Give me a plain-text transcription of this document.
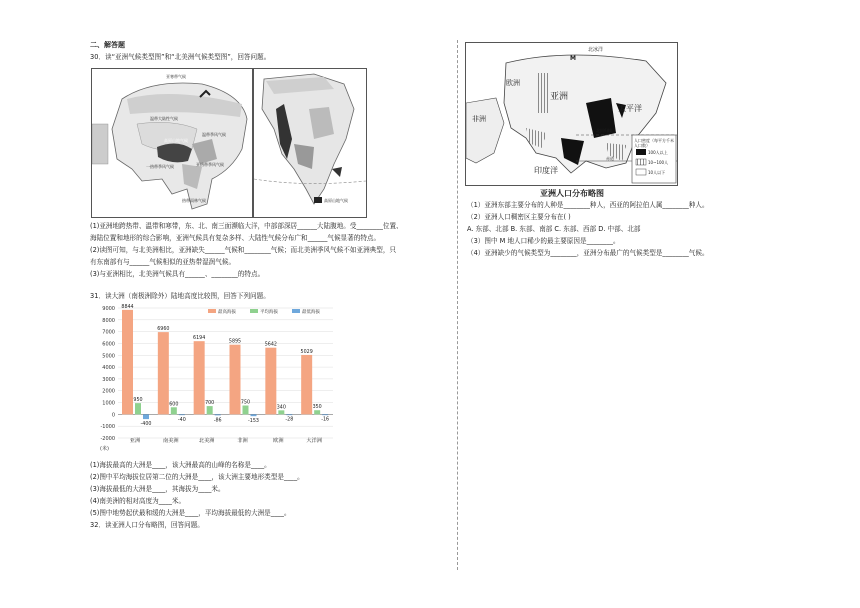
二、解答题
30．读“亚洲气候类型图”和“北美洲气候类型图”，回答问题。
亚寒带气候
温带大陆性气候
高原山地气候
温带季风气候
亚热带季风气候
热带雨林气候
一热带季风气候
高原山地气候
(1)亚洲地跨热带、温带和寒带，东、北、南三面濒临大洋，中部部深居______大陆腹地。受________位置、
海陆位置和地形的综合影响，亚洲气候具有复杂多样、大陆性气候分布广和______气候显著的特点。
(2)读图可知，与北美洲相比，亚洲缺失______气候和________气候；而北美洲季风气候不如亚洲典型，只
有东南部有与______气候相似的亚热带湿润气候。
(3)与亚洲相比，北美洲气候具有______、________的特点。
31．读大洲（南极洲除外）陆地高度比较图，回答下列问题。
-2000
-1000
0
1000
2000
3000
4000
5000
6000
7000
8000
9000
(米)
最高海拔	平均海拔	最低海拔
8844
950
-400
亚洲
6960
600
-40
南美洲
6194
700
-86
北美洲
5895
750
-153
非洲
5642
340
-28
欧洲
5029
350
-16
大洋洲
(1)海拔最高的大洲是____，该大洲最高的山峰的名称是____。
(2)图中平均海拔位居第二位的大洲是____，该大洲主要地形类型是____。
(3)海拔最低的大洲是____，其海拔为____米。
(4)南美洲的相对高度为____米。
(5)图中地势起伏最和缓的大洲是____，平均海拔最低的大洲是____。
32．读亚洲人口分布略图，回答问题。
北冰洋
欧洲
亚洲
太平洋
印度洋
非洲
北回归线
赤道
M
人口密度（每平方千米人口数）
100人以上
10~100人
10人以下
亚洲人口分布略图
（1）亚洲东部主要分布的人种是________种人，西亚的阿拉伯人属________种人。
（2）亚洲人口稠密区主要分布在( )
A. 东部、北部 B. 东部、南部 C. 东部、西部 D. 中部、北部
（3）图中 M 地人口稀少的最主要原因是________。
（4）亚洲缺少的气候类型为________，亚洲分布最广的气候类型是________气候。
